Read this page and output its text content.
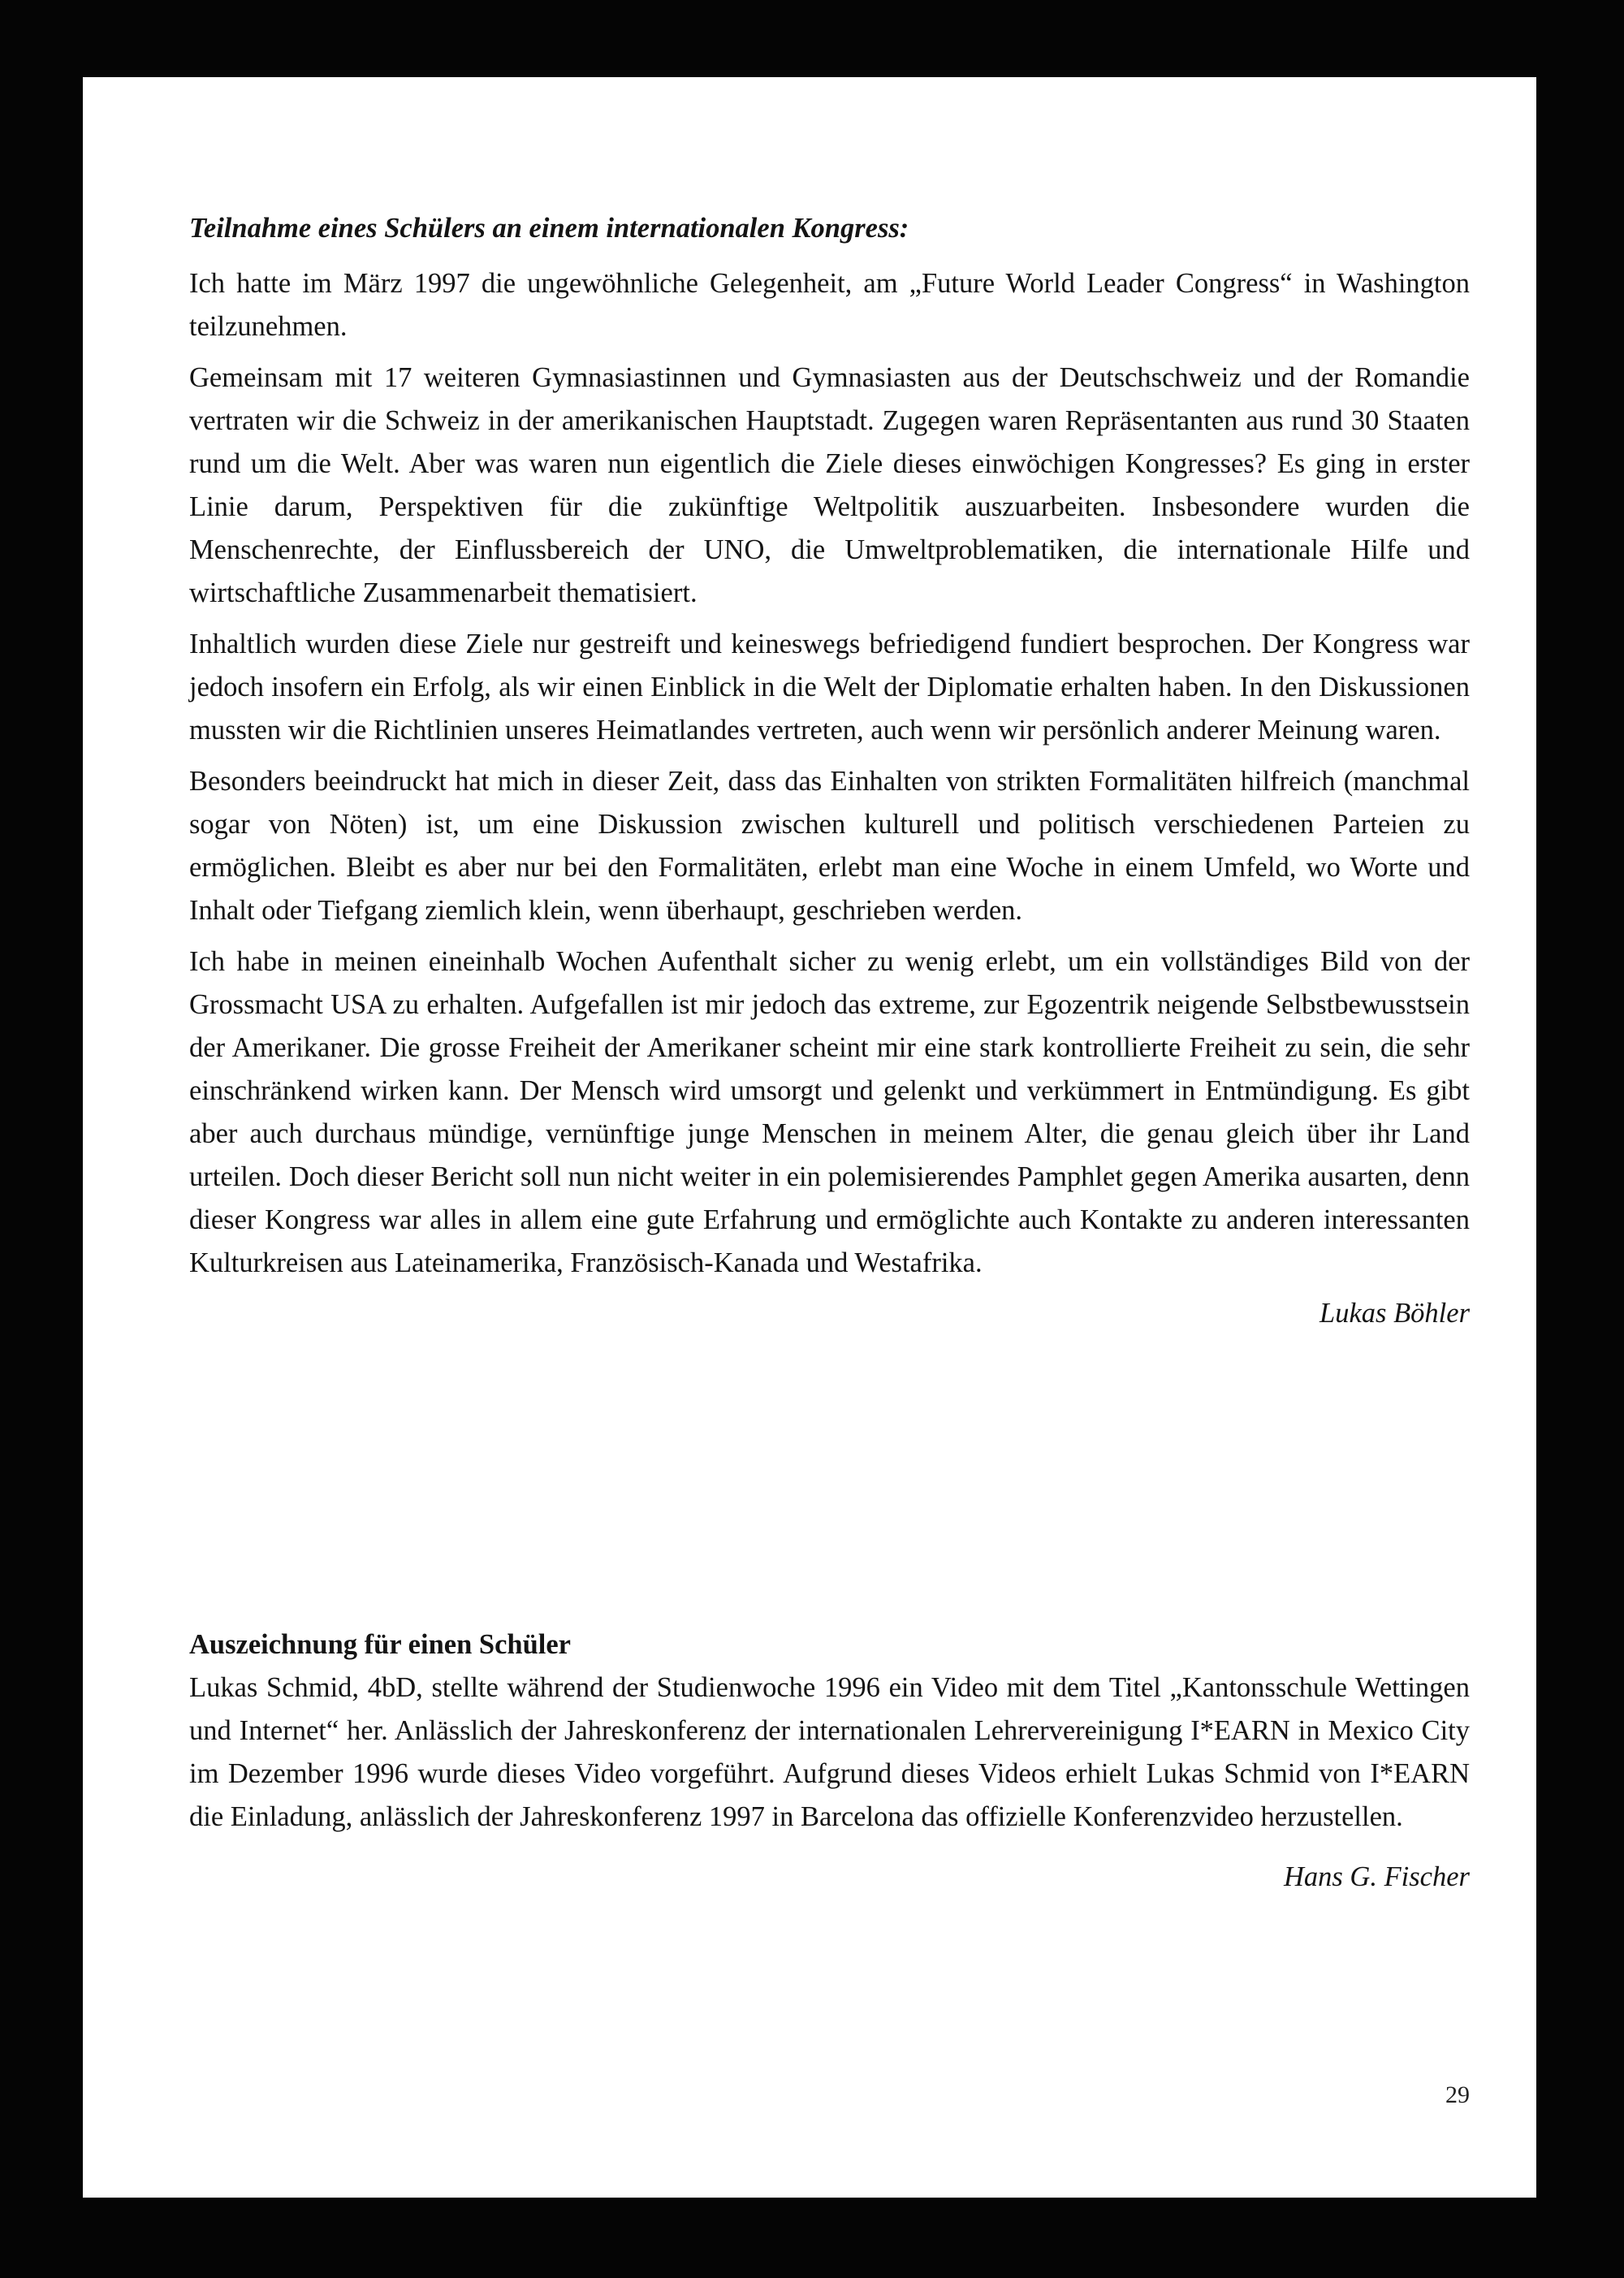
Teilnahme eines Schülers an einem internationalen Kongress:

Ich hatte im März 1997 die ungewöhnliche Gelegenheit, am „Future World Leader Congress“ in Washington teilzunehmen.

Gemeinsam mit 17 weiteren Gymnasiastinnen und Gymnasiasten aus der Deutschschweiz und der Romandie vertraten wir die Schweiz in der amerikanischen Hauptstadt. Zugegen waren Repräsentanten aus rund 30 Staaten rund um die Welt. Aber was waren nun eigentlich die Ziele dieses einwöchigen Kongresses? Es ging in erster Linie darum, Perspektiven für die zukünftige Weltpolitik auszuarbeiten. Insbesondere wurden die Menschenrechte, der Einflussbereich der UNO, die Umweltproblematiken, die internationale Hilfe und wirtschaftliche Zusammenarbeit thematisiert.

Inhaltlich wurden diese Ziele nur gestreift und keineswegs befriedigend fundiert besprochen. Der Kongress war jedoch insofern ein Erfolg, als wir einen Einblick in die Welt der Diplomatie erhalten haben. In den Diskussionen mussten wir die Richtlinien unseres Heimatlandes vertreten, auch wenn wir persönlich anderer Meinung waren.

Besonders beeindruckt hat mich in dieser Zeit, dass das Einhalten von strikten Formalitäten hilfreich (manchmal sogar von Nöten) ist, um eine Diskussion zwischen kulturell und politisch verschiedenen Parteien zu ermöglichen. Bleibt es aber nur bei den Formalitäten, erlebt man eine Woche in einem Umfeld, wo Worte und Inhalt oder Tiefgang ziemlich klein, wenn überhaupt, geschrieben werden.

Ich habe in meinen eineinhalb Wochen Aufenthalt sicher zu wenig erlebt, um ein vollständiges Bild von der Grossmacht USA zu erhalten. Aufgefallen ist mir jedoch das extreme, zur Egozentrik neigende Selbstbewusstsein der Amerikaner. Die grosse Freiheit der Amerikaner scheint mir eine stark kontrollierte Freiheit zu sein, die sehr einschränkend wirken kann. Der Mensch wird umsorgt und gelenkt und verkümmert in Entmündigung. Es gibt aber auch durchaus mündige, vernünftige junge Menschen in meinem Alter, die genau gleich über ihr Land urteilen. Doch dieser Bericht soll nun nicht weiter in ein polemisierendes Pamphlet gegen Amerika ausarten, denn dieser Kongress war alles in allem eine gute Erfahrung und ermöglichte auch Kontakte zu anderen interessanten Kulturkreisen aus Lateinamerika, Französisch-Kanada und Westafrika.

Lukas Böhler
Auszeichnung für einen Schüler

Lukas Schmid, 4bD, stellte während der Studienwoche 1996 ein Video mit dem Titel „Kantonsschule Wettingen und Internet“ her. Anlässlich der Jahreskonferenz der internationalen Lehrervereinigung I*EARN in Mexico City im Dezember 1996 wurde dieses Video vorgeführt. Aufgrund dieses Videos erhielt Lukas Schmid von I*EARN die Einladung, anlässlich der Jahreskonferenz 1997 in Barcelona das offizielle Konferenzvideo herzustellen.

Hans G. Fischer
29
